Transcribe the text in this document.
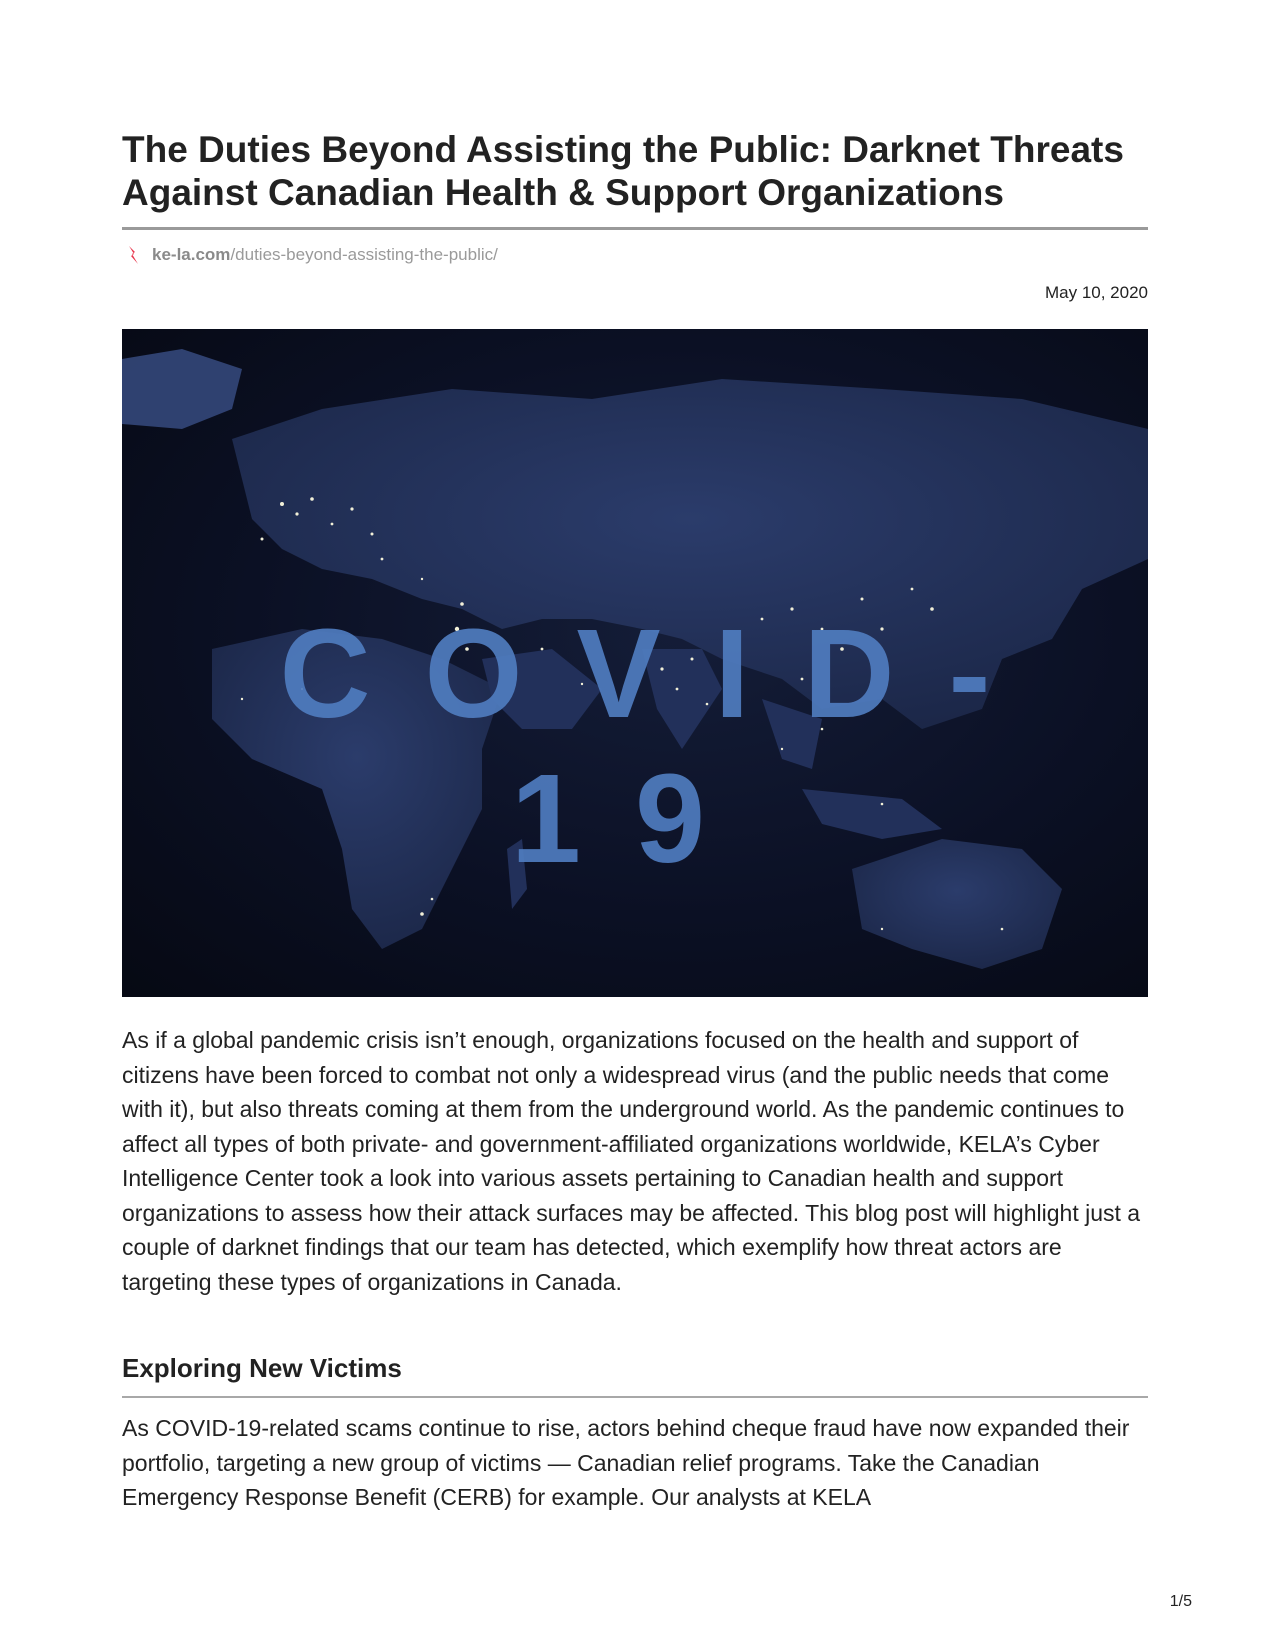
The Duties Beyond Assisting the Public: Darknet Threats Against Canadian Health & Support Organizations
ke-la.com /duties-beyond-assisting-the-public/
May 10, 2020
COVID-19

As if a global pandemic crisis isn’t enough, organizations focused on the health and support of citizens have been forced to combat not only a widespread virus (and the public needs that come with it), but also threats coming at them from the underground world. As the pandemic continues to affect all types of both private- and government-affiliated organizations worldwide, KELA’s Cyber Intelligence Center took a look into various assets pertaining to Canadian health and support organizations to assess how their attack surfaces may be affected. This blog post will highlight just a couple of darknet findings that our team has detected, which exemplify how threat actors are targeting these types of organizations in Canada.

Exploring New Victims

As COVID-19-related scams continue to rise, actors behind cheque fraud have now expanded their portfolio, targeting a new group of victims — Canadian relief programs. Take the Canadian Emergency Response Benefit (CERB) for example. Our analysts at KELA

1/5
